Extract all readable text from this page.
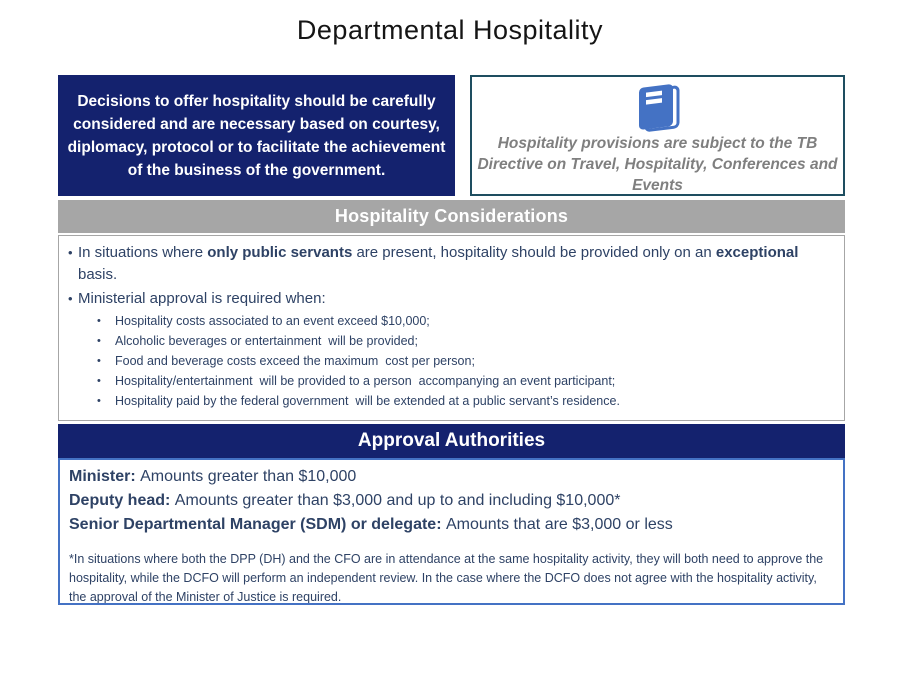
Departmental Hospitality
Decisions to offer hospitality should be carefully considered and are necessary based on courtesy, diplomacy, protocol or to facilitate the achievement of the business of the government.
Hospitality provisions are subject to the TB Directive on Travel, Hospitality, Conferences and Events
Hospitality Considerations
• In situations where only public servants are present, hospitality should be provided only on an exceptional basis.
• Ministerial approval is required when:
•	Hospitality costs associated to an event exceed $10,000;
•	Alcoholic beverages or entertainment  will be provided;
•	Food and beverage costs exceed the maximum  cost per person;
•	Hospitality/entertainment  will be provided to a person  accompanying an event participant;
•	Hospitality paid by the federal government  will be extended at a public servant’s residence.
Approval Authorities
Minister: Amounts greater than $10,000
Deputy head: Amounts greater than $3,000 and up to and including $10,000*
Senior Departmental Manager (SDM) or delegate: Amounts that are $3,000 or less
*In situations where both the DPP (DH) and the CFO are in attendance at the same hospitality activity, they will both need to approve the hospitality, while the DCFO will perform an independent review. In the case where the DCFO does not agree with the hospitality activity, the approval of the Minister of Justice is required.
